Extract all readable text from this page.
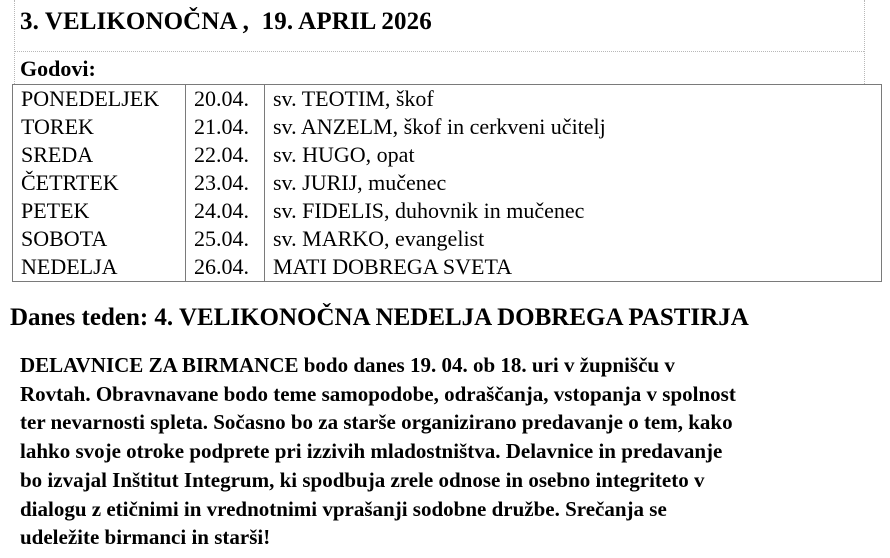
3. VELIKONOČNA ,  19. APRIL 2026
Godovi:
PONEDELJEK	20.04.	sv. TEOTIM, škof
TOREK	21.04.	sv. ANZELM, škof in cerkveni učitelj
SREDA	22.04.	sv. HUGO, opat
ČETRTEK	23.04.	sv. JURIJ, mučenec
PETEK	24.04.	sv. FIDELIS, duhovnik in mučenec
SOBOTA	25.04.	sv. MARKO, evangelist
NEDELJA	26.04.	MATI DOBREGA SVETA
Danes teden: 4. VELIKONOČNA NEDELJA DOBREGA PASTIRJA

DELAVNICE ZA BIRMANCE bodo danes 19. 04. ob 18. uri v župnišču v
Rovtah. Obravnavane bodo teme samopodobe, odraščanja, vstopanja v spolnost
ter nevarnosti spleta. Sočasno bo za starše organizirano predavanje o tem, kako
lahko svoje otroke podprete pri izzivih mladostništva. Delavnice in predavanje
bo izvajal Inštitut Integrum, ki spodbuja zrele odnose in osebno integriteto v
dialogu z etičnimi in vrednotnimi vprašanji sodobne družbe. Srečanja se
udeležite birmanci in starši!
